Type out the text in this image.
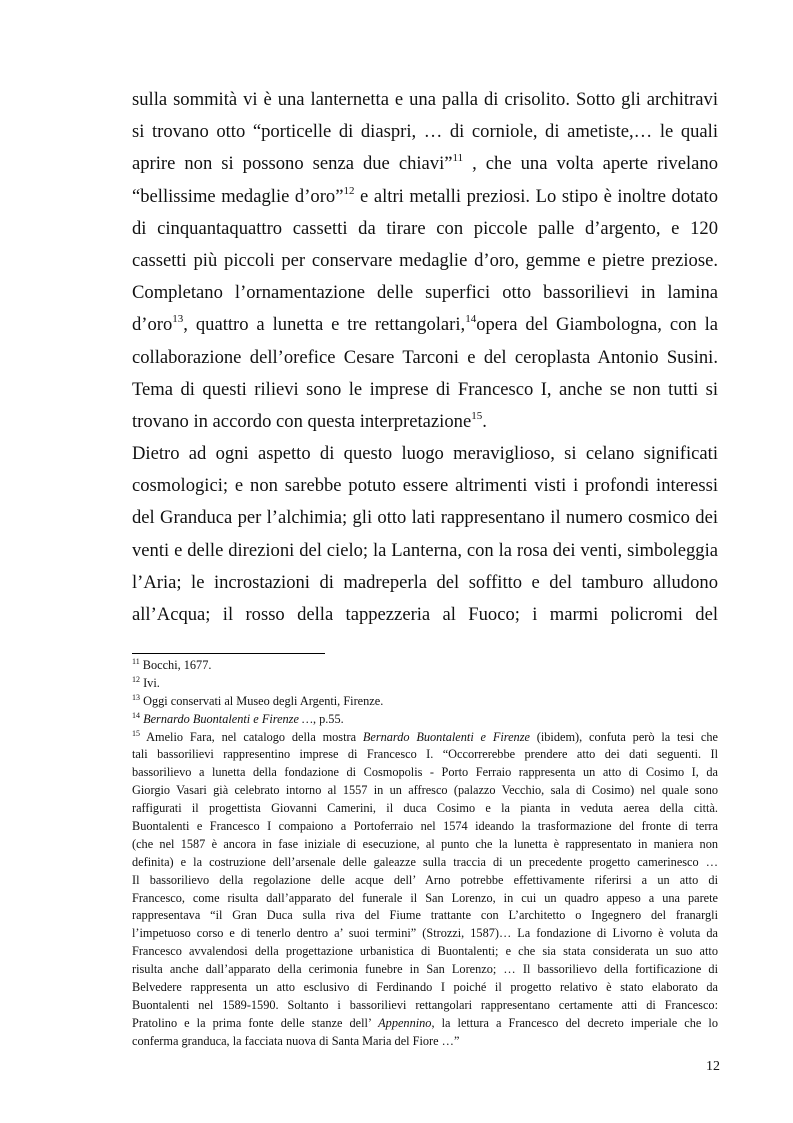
sulla sommità vi è una lanternetta e una palla di crisolito. Sotto gli architravi
si trovano otto “porticelle di diaspri, … di corniole, di ametiste,… le quali
aprire non si possono senza due chiavi”$^{11}$ , che una volta aperte rivelano
“bellissime medaglie d’oro”$^{12}$ e altri metalli preziosi. Lo stipo è inoltre dotato
di cinquantaquattro cassetti da tirare con piccole palle d’argento, e 120
cassetti più piccoli per conservare medaglie d’oro, gemme e pietre preziose.
Completano l’ornamentazione delle superfici otto bassorilievi in lamina
d’oro$^{13}$, quattro a lunetta e tre rettangolari,$^{14}$opera del Giambologna, con la
collaborazione dell’orefice Cesare Tarconi e del ceroplasta Antonio Susini.
Tema di questi rilievi sono le imprese di Francesco I, anche se non tutti si
trovano in accordo con questa interpretazione$^{15}$.
Dietro ad ogni aspetto di questo luogo meraviglioso, si celano significati
cosmologici; e non sarebbe potuto essere altrimenti visti i profondi interessi
del Granduca per l’alchimia; gli otto lati rappresentano il numero cosmico dei
venti e delle direzioni del cielo; la Lanterna, con la rosa dei venti, simboleggia
l’Aria; le incrostazioni di madreperla del soffitto e del tamburo alludono
all’Acqua; il rosso della tappezzeria al Fuoco; i marmi policromi del
$^{11}$ Bocchi, 1677.
$^{12}$ Ivi.
$^{13}$ Oggi conservati al Museo degli Argenti, Firenze.
$^{14}$ Bernardo Buontalenti e Firenze …, p.55.
$^{15}$ Amelio Fara, nel catalogo della mostra Bernardo Buontalenti e Firenze (ibidem), confuta però la tesi che
tali bassorilievi rappresentino imprese di Francesco I. “Occorrerebbe prendere atto dei dati seguenti. Il
bassorilievo a lunetta della fondazione di Cosmopolis - Porto Ferraio rappresenta un atto di Cosimo I, da
Giorgio Vasari già celebrato intorno al 1557 in un affresco (palazzo Vecchio, sala di Cosimo) nel quale sono
raffigurati il progettista Giovanni Camerini, il duca Cosimo e la pianta in veduta aerea della città.
Buontalenti e Francesco I compaiono a Portoferraio nel 1574 ideando la trasformazione del fronte di terra
(che nel 1587 è ancora in fase iniziale di esecuzione, al punto che la lunetta è rappresentato in maniera non
definita) e la costruzione dell’arsenale delle galeazze sulla traccia di un precedente progetto camerinesco …
Il bassorilievo della regolazione delle acque dell’ Arno potrebbe effettivamente riferirsi a un atto di
Francesco, come risulta dall’apparato del funerale il San Lorenzo, in cui un quadro appeso a una parete
rappresentava “il Gran Duca sulla riva del Fiume trattante con L’architetto o Ingegnero del franargli
l’impetuoso corso e di tenerlo dentro a’ suoi termini” (Strozzi, 1587)… La fondazione di Livorno è voluta da
Francesco avvalendosi della progettazione urbanistica di Buontalenti; e che sia stata considerata un suo atto
risulta anche dall’apparato della cerimonia funebre in San Lorenzo; … Il bassorilievo della fortificazione di
Belvedere rappresenta un atto esclusivo di Ferdinando I poiché il progetto relativo è stato elaborato da
Buontalenti nel 1589-1590. Soltanto i bassorilievi rettangolari rappresentano certamente atti di Francesco:
Pratolino e la prima fonte delle stanze dell’ Appennino, la lettura a Francesco del decreto imperiale che lo
conferma granduca, la facciata nuova di Santa Maria del Fiore …”
12
